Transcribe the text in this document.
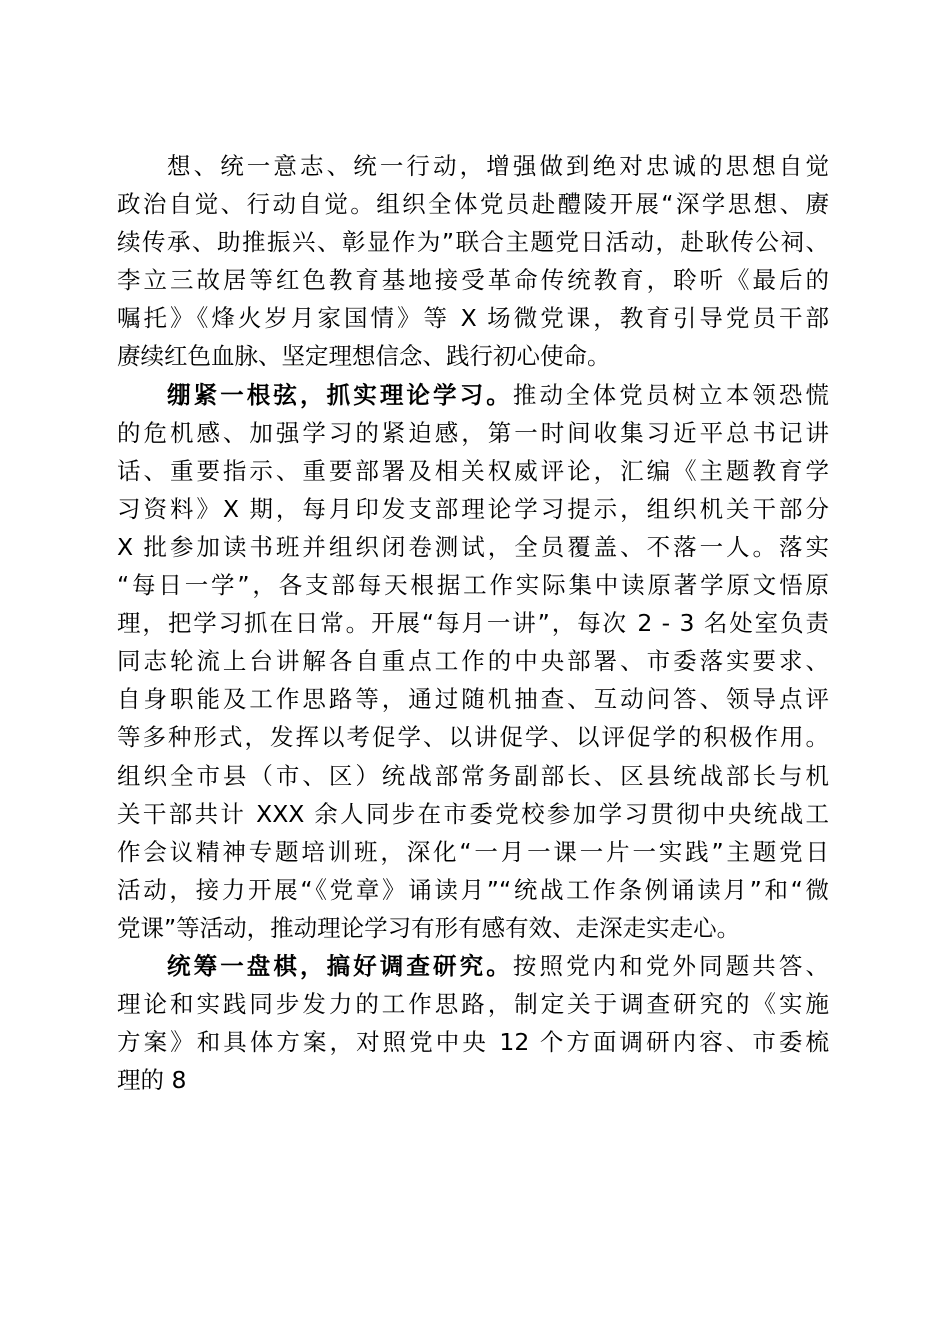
想、统一意志、统一行动，增强做到绝对忠诚的思想自觉
政治自觉、行动自觉。组织全体党员赴醴陵开展“深学思想、赓
续传承、助推振兴、彰显作为”联合主题党日活动，赴耿传公祠、
李立三故居等红色教育基地接受革命传统教育，聆听《最后的
嘱托》《烽火岁月家国情》等 X 场微党课，教育引导党员干部
赓续红色血脉、坚定理想信念、践行初心使命。
绷紧一根弦，抓实理论学习。推动全体党员树立本领恐慌
的危机感、加强学习的紧迫感，第一时间收集习近平总书记讲
话、重要指示、重要部署及相关权威评论，汇编《主题教育学
习资料》X 期，每月印发支部理论学习提示，组织机关干部分
X 批参加读书班并组织闭卷测试，全员覆盖、不落一人。落实
“每日一学”，各支部每天根据工作实际集中读原著学原文悟原
理，把学习抓在日常。开展“每月一讲”，每次 2 - 3 名处室负责
同志轮流上台讲解各自重点工作的中央部署、市委落实要求、
自身职能及工作思路等，通过随机抽查、互动问答、领导点评
等多种形式，发挥以考促学、以讲促学、以评促学的积极作用。
组织全市县（市、区）统战部常务副部长、区县统战部长与机
关干部共计 XXX 余人同步在市委党校参加学习贯彻中央统战工
作会议精神专题培训班，深化“一月一课一片一实践”主题党日
活动，接力开展“《党章》诵读月”“统战工作条例诵读月”和“微
党课”等活动，推动理论学习有形有感有效、走深走实走心。
统筹一盘棋，搞好调查研究。按照党内和党外同题共答、
理论和实践同步发力的工作思路，制定关于调查研究的《实施
方案》和具体方案，对照党中央 12 个方面调研内容、市委梳
理的 8
